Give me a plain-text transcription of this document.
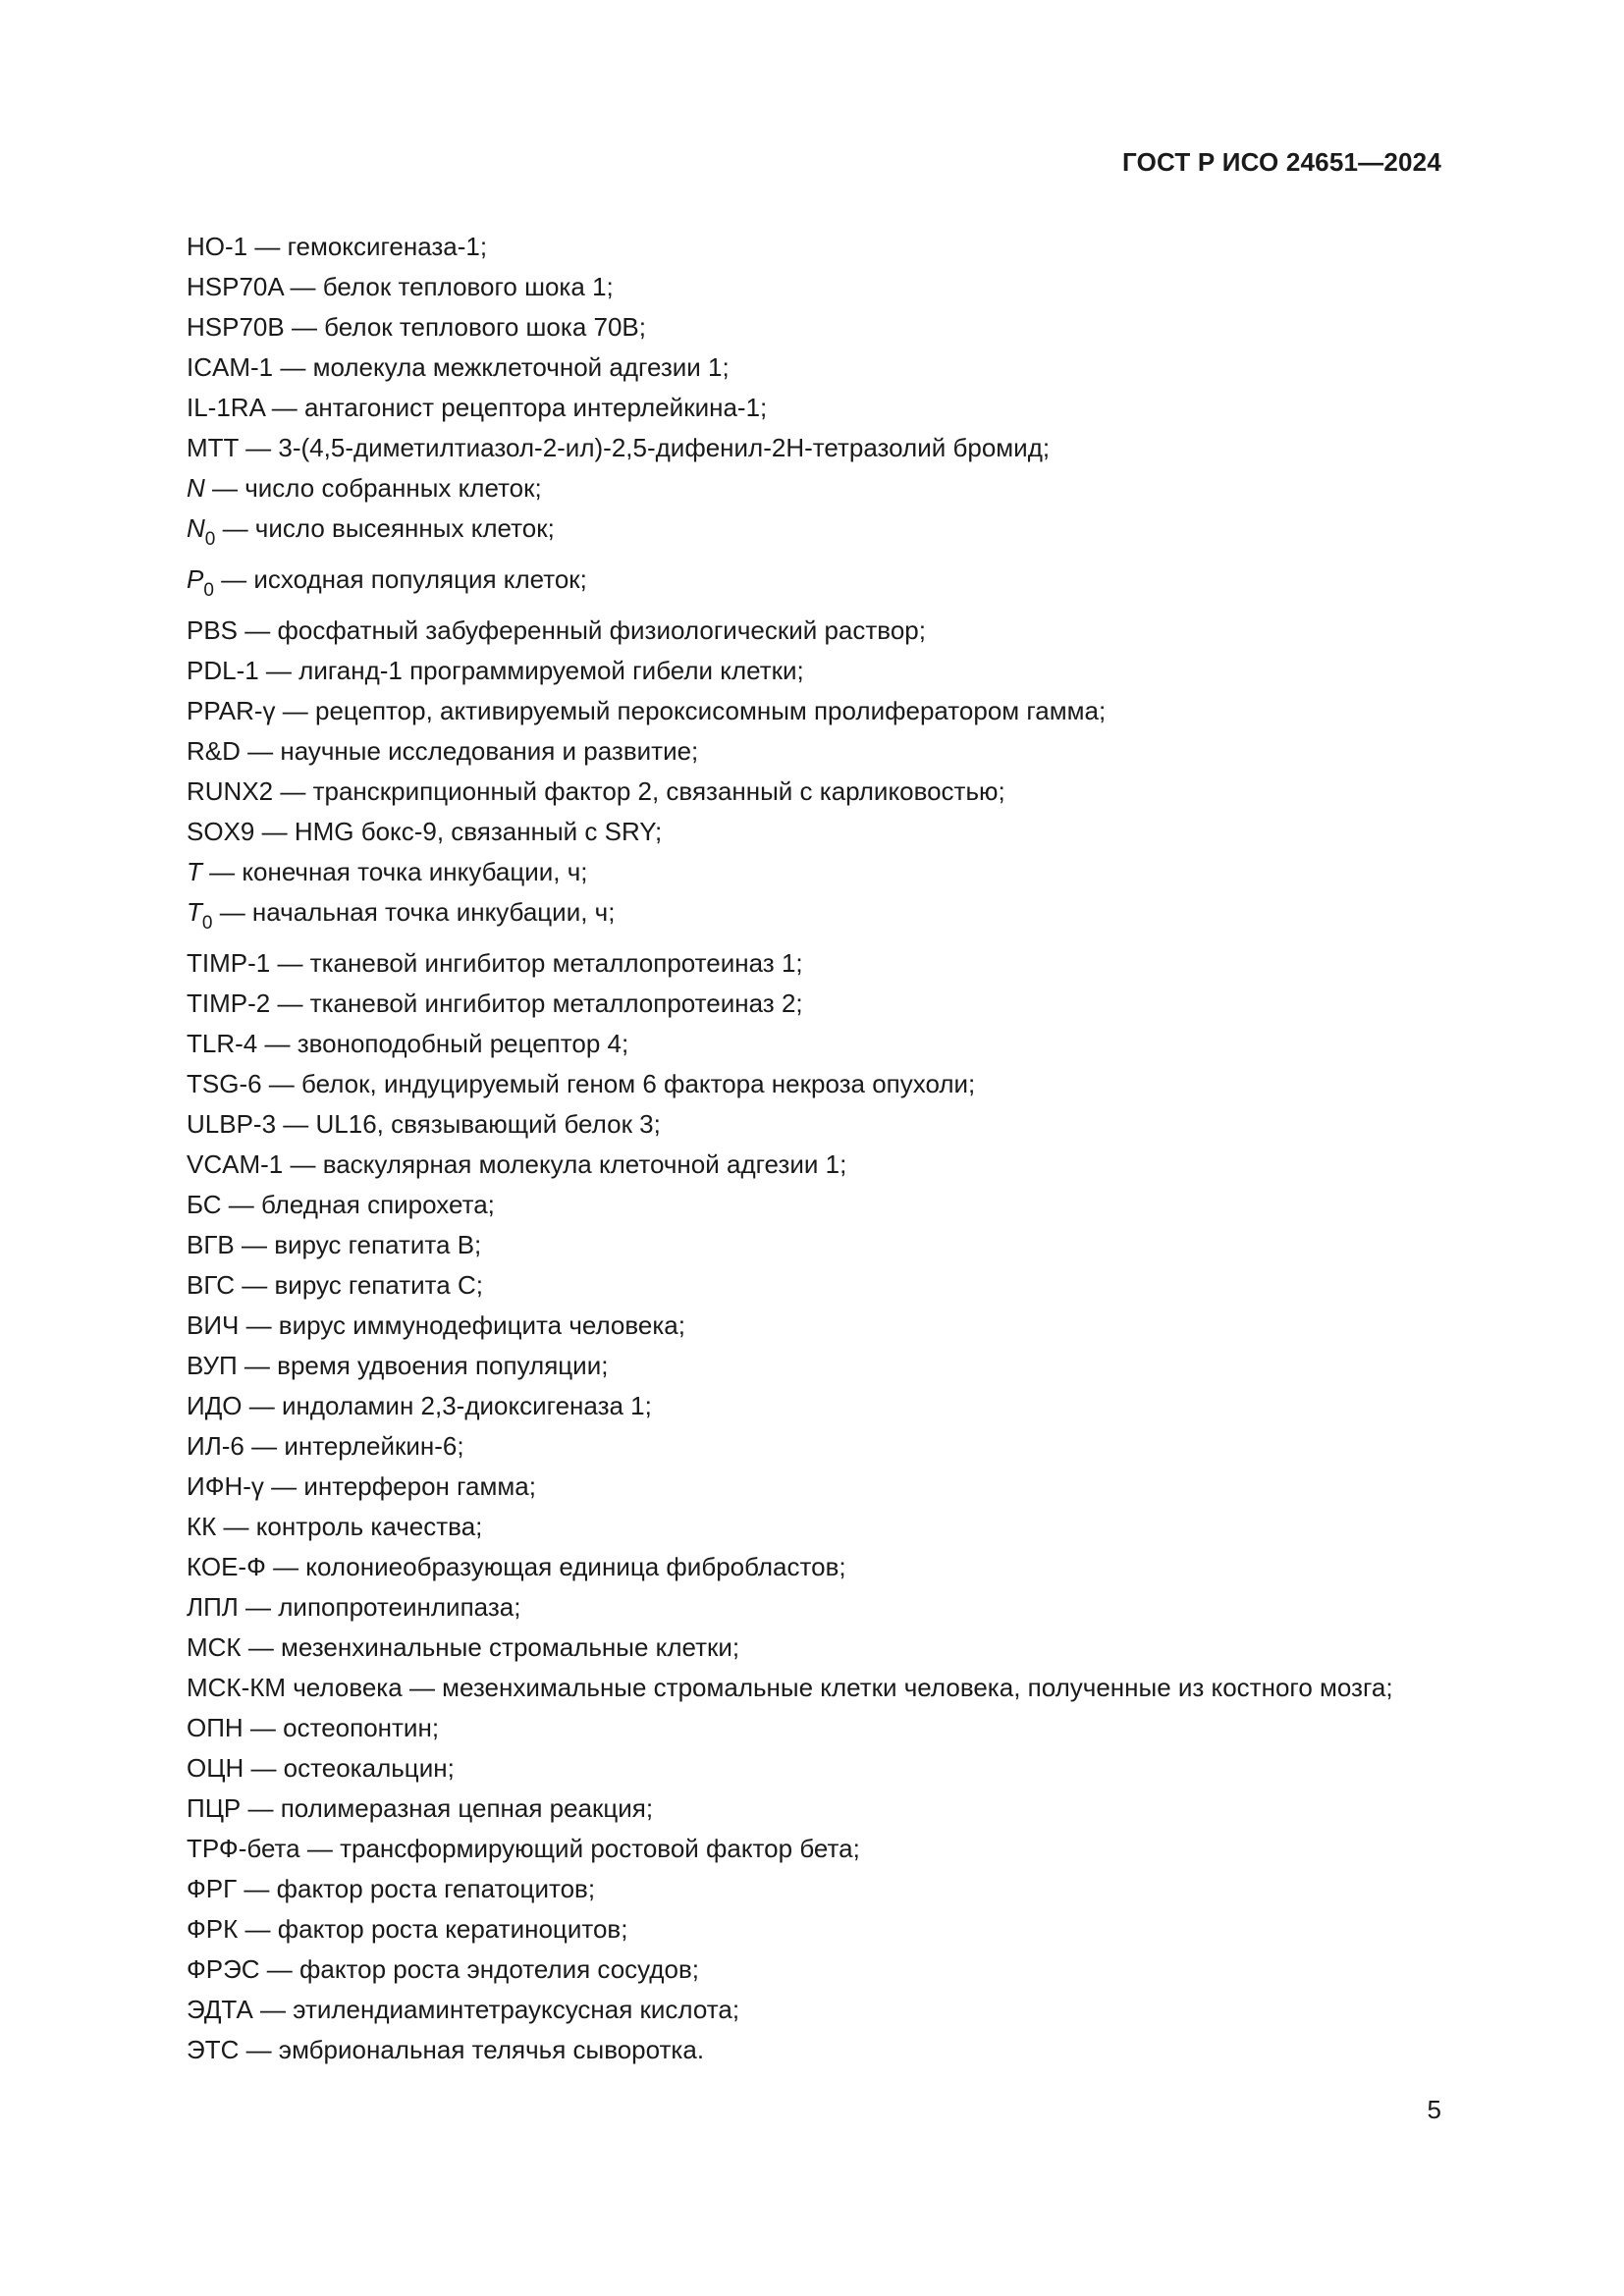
ГОСТ Р ИСО 24651—2024
HO-1 — гемоксигеназа-1;
HSP70A — белок теплового шока 1;
HSP70B — белок теплового шока 70B;
ICAM-1 — молекула межклеточной адгезии 1;
IL-1RA — антагонист рецептора интерлейкина-1;
MTT — 3-(4,5-диметилтиазол-2-ил)-2,5-дифенил-2Н-тетразолий бромид;
N — число собранных клеток;
$N_0$ — число высеянных клеток;
$P_0$ — исходная популяция клеток;
PBS — фосфатный забуференный физиологический раствор;
PDL-1 — лиганд-1 программируемой гибели клетки;
PPAR-γ — рецептор, активируемый пероксисомным пролифератором гамма;
R&D — научные исследования и развитие;
RUNX2 — транскрипционный фактор 2, связанный с карликовостью;
SOX9 — HMG бокс-9, связанный с SRY;
T — конечная точка инкубации, ч;
$T_0$ — начальная точка инкубации, ч;
TIMP-1 — тканевой ингибитор металлопротеиназ 1;
TIMP-2 — тканевой ингибитор металлопротеиназ 2;
TLR-4 — звоноподобный рецептор 4;
TSG-6 — белок, индуцируемый геном 6 фактора некроза опухоли;
ULBP-3 — UL16, связывающий белок 3;
VCAM-1 — васкулярная молекула клеточной адгезии 1;
БС — бледная спирохета;
ВГВ — вирус гепатита В;
ВГС — вирус гепатита С;
ВИЧ — вирус иммунодефицита человека;
ВУП — время удвоения популяции;
ИДО — индоламин 2,3-диоксигеназа 1;
ИЛ-6 — интерлейкин-6;
ИФН-γ — интерферон гамма;
КК — контроль качества;
КОЕ-Ф — колониеобразующая единица фибробластов;
ЛПЛ — липопротеинлипаза;
МСК — мезенхинальные стромальные клетки;
МСК-КМ человека — мезенхимальные стромальные клетки человека, полученные из костного мозга;
ОПН — остеопонтин;
ОЦН — остеокальцин;
ПЦР — полимеразная цепная реакция;
ТРФ-бета — трансформирующий ростовой фактор бета;
ФРГ — фактор роста гепатоцитов;
ФРК — фактор роста кератиноцитов;
ФРЭС — фактор роста эндотелия сосудов;
ЭДТА — этилендиаминтетрауксусная кислота;
ЭТС — эмбриональная телячья сыворотка.
5
